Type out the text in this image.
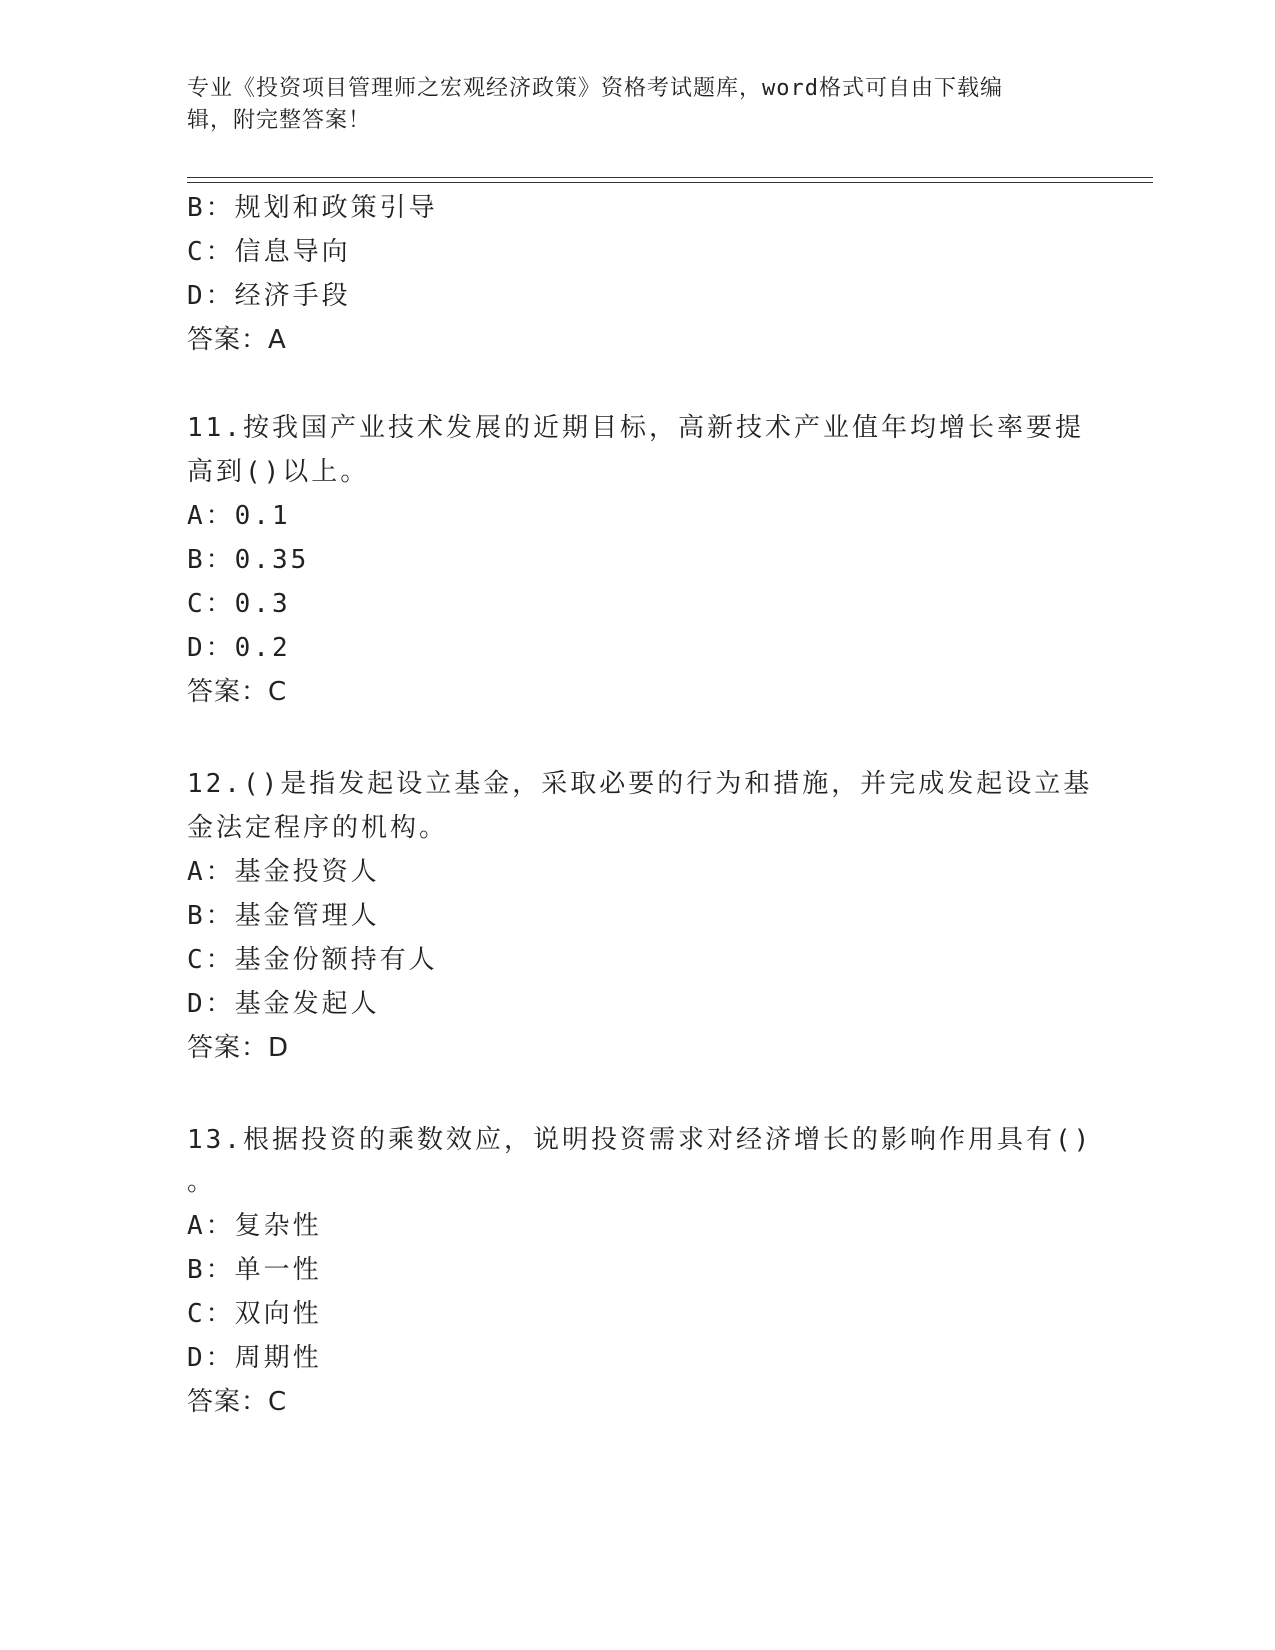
专业《投资项目管理师之宏观经济政策》资格考试题库，word格式可自由下载编
辑，附完整答案！
B：规划和政策引导
C：信息导向
D：经济手段
答案：A
11.按我国产业技术发展的近期目标，高新技术产业值年均增长率要提
高到()以上。
A：0.1
B：0.35
C：0.3
D：0.2
答案：C
12.()是指发起设立基金，采取必要的行为和措施，并完成发起设立基
金法定程序的机构。
A：基金投资人
B：基金管理人
C：基金份额持有人
D：基金发起人
答案：D
13.根据投资的乘数效应，说明投资需求对经济增长的影响作用具有()
。
A：复杂性
B：单一性
C：双向性
D：周期性
答案：C
